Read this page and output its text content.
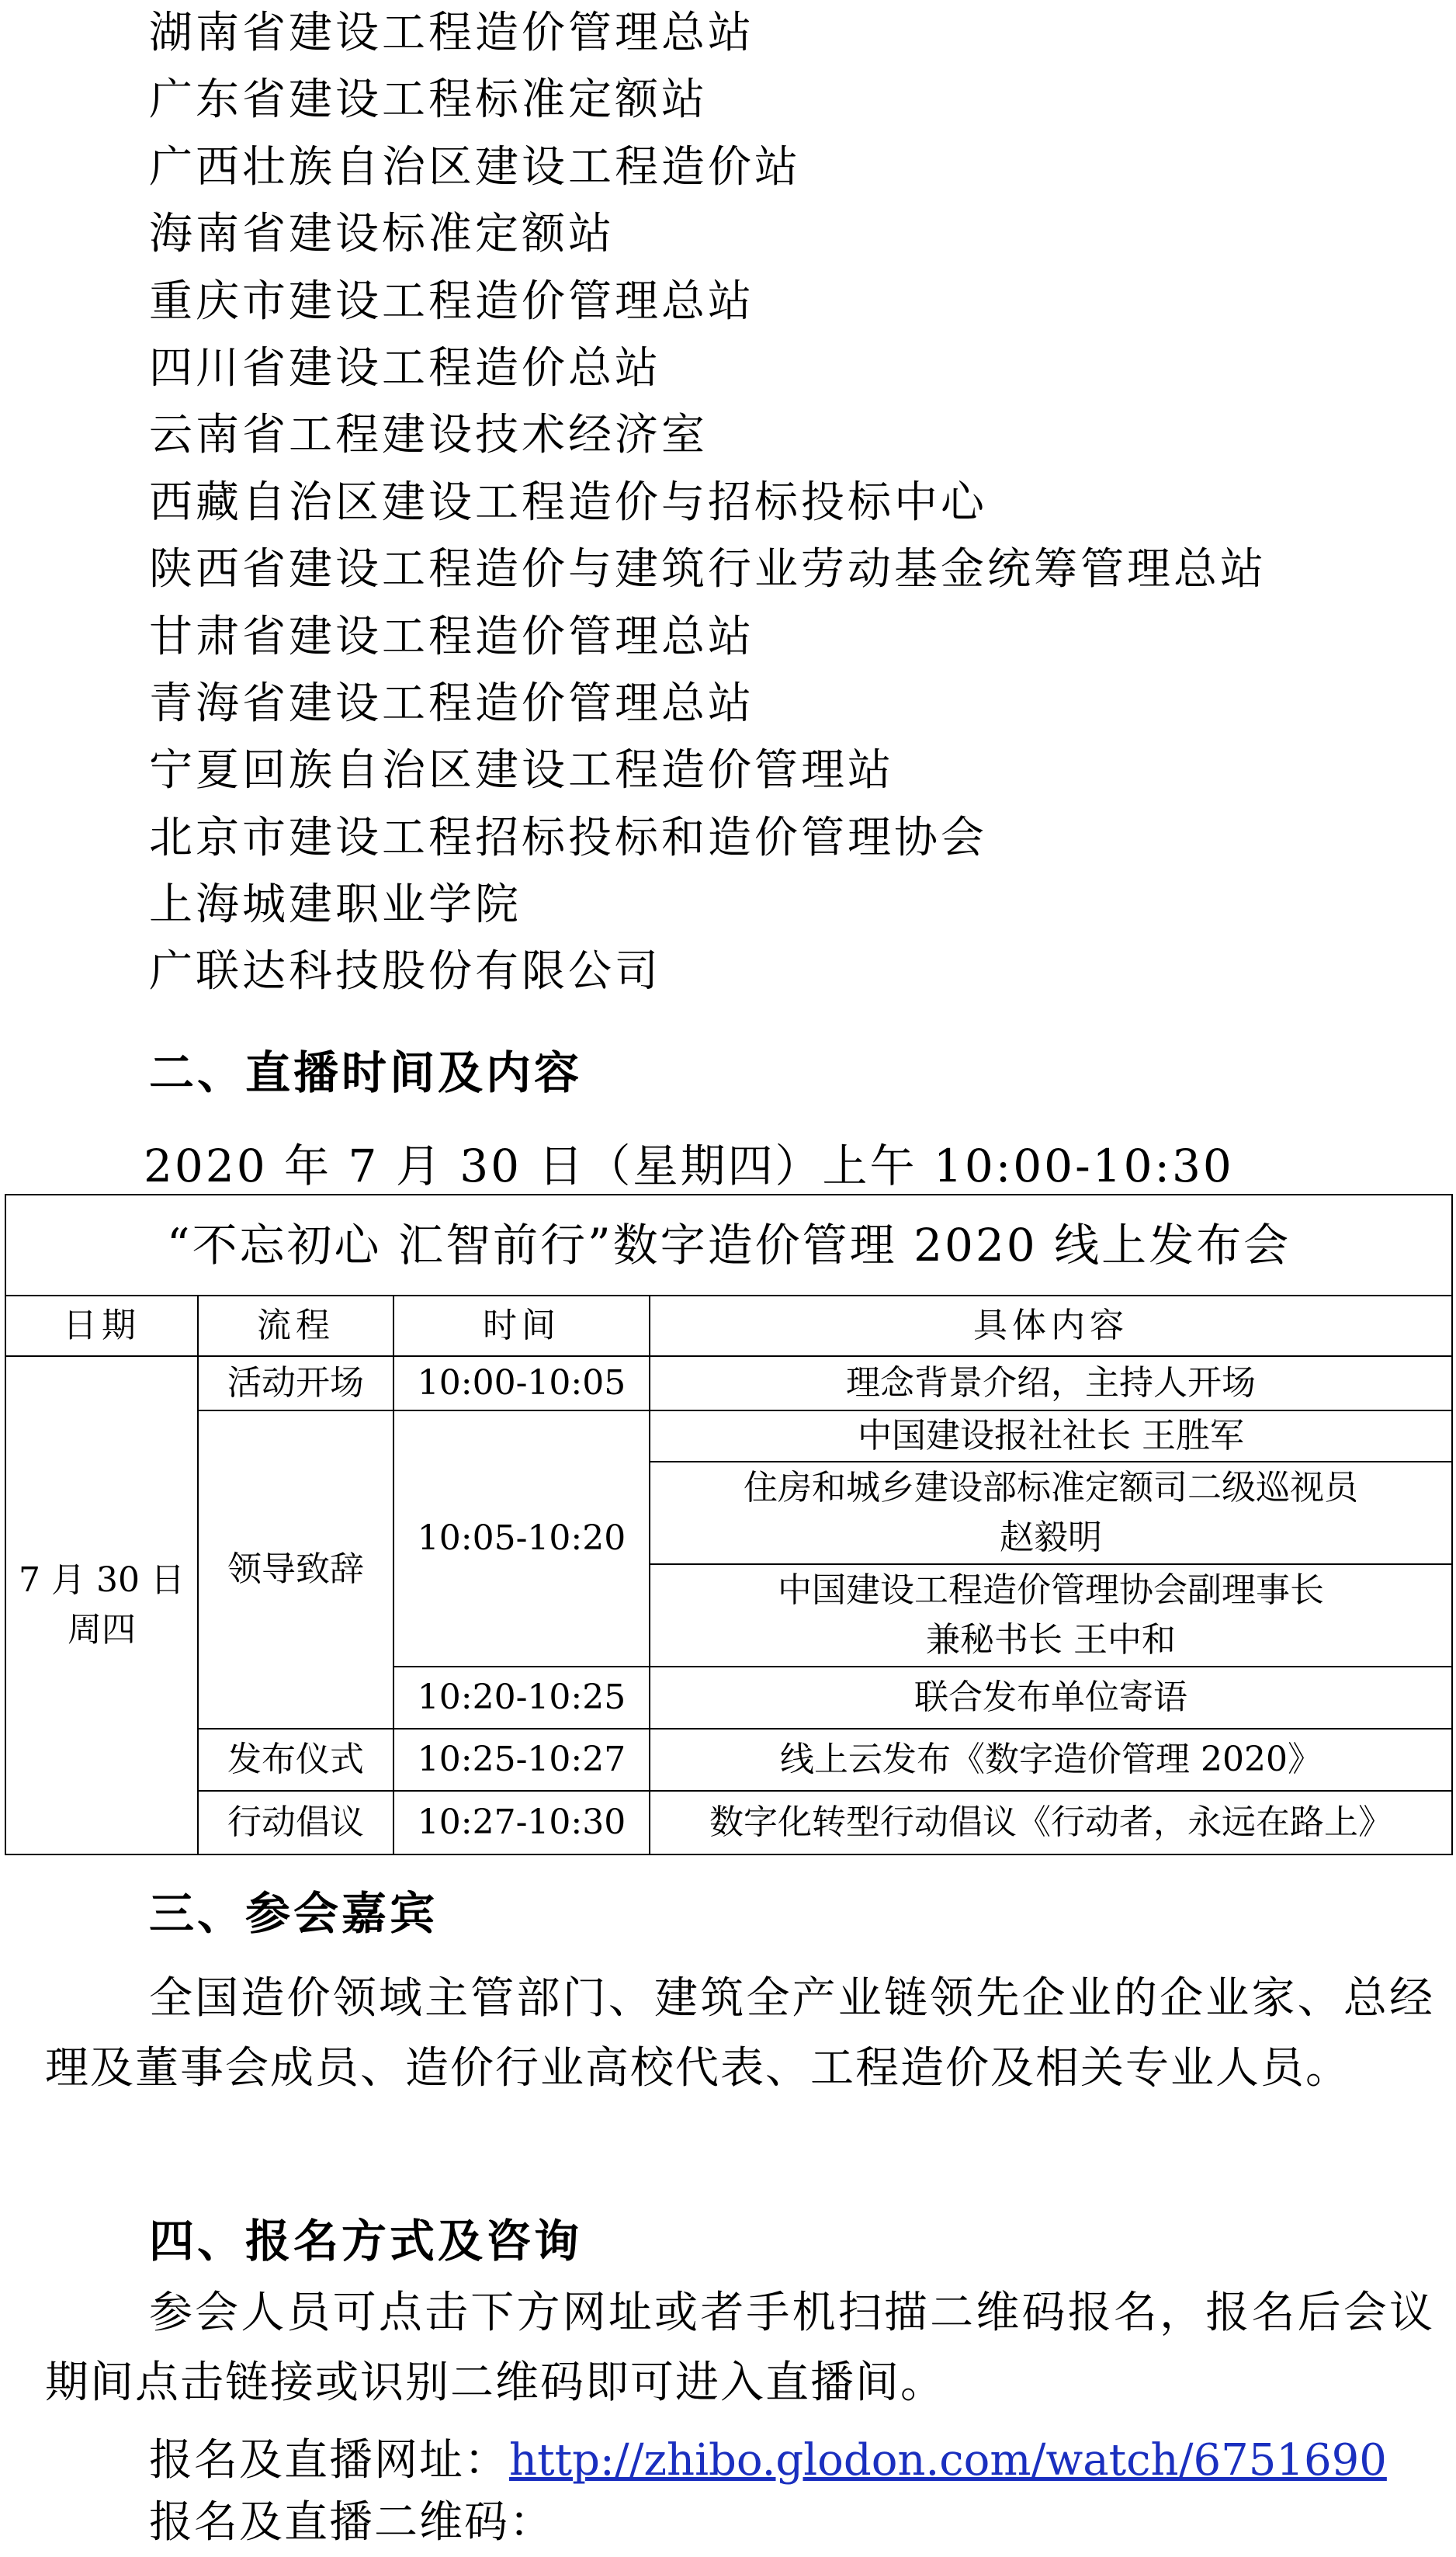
湖南省建设工程造价管理总站
广东省建设工程标准定额站
广西壮族自治区建设工程造价站
海南省建设标准定额站
重庆市建设工程造价管理总站
四川省建设工程造价总站
云南省工程建设技术经济室
西藏自治区建设工程造价与招标投标中心
陕西省建设工程造价与建筑行业劳动基金统筹管理总站
甘肃省建设工程造价管理总站
青海省建设工程造价管理总站
宁夏回族自治区建设工程造价管理站
北京市建设工程招标投标和造价管理协会
上海城建职业学院
广联达科技股份有限公司
二、直播时间及内容
2020 年 7 月 30 日（星期四）上午 10:00-10:30
“不忘初心 汇智前行”数字造价管理 2020 线上发布会			
日期	流程	时间	具体内容

7 月 30 日
周四	活动开场	10:00-10:05	理念背景介绍，主持人开场
	领导致辞	10:05-10:20	中国建设报社社长 王胜军

			住房和城乡建设部标准定额司二级巡视员
赵毅明

			中国建设工程造价管理协会副理事长
兼秘书长 王中和

		10:20-10:25	联合发布单位寄语
	发布仪式	10:25-10:27	线上云发布《数字造价管理 2020》
	行动倡议	10:27-10:30	数字化转型行动倡议《行动者，永远在路上》
三、参会嘉宾
全国造价领域主管部门、建筑全产业链领先企业的企业家、总经理及董事会成员、造价行业高校代表、工程造价及相关专业人员。
四、报名方式及咨询
参会人员可点击下方网址或者手机扫描二维码报名，报名后会议期间点击链接或识别二维码即可进入直播间。
报名及直播网址：http://zhibo.glodon.com/watch/6751690
报名及直播二维码：
